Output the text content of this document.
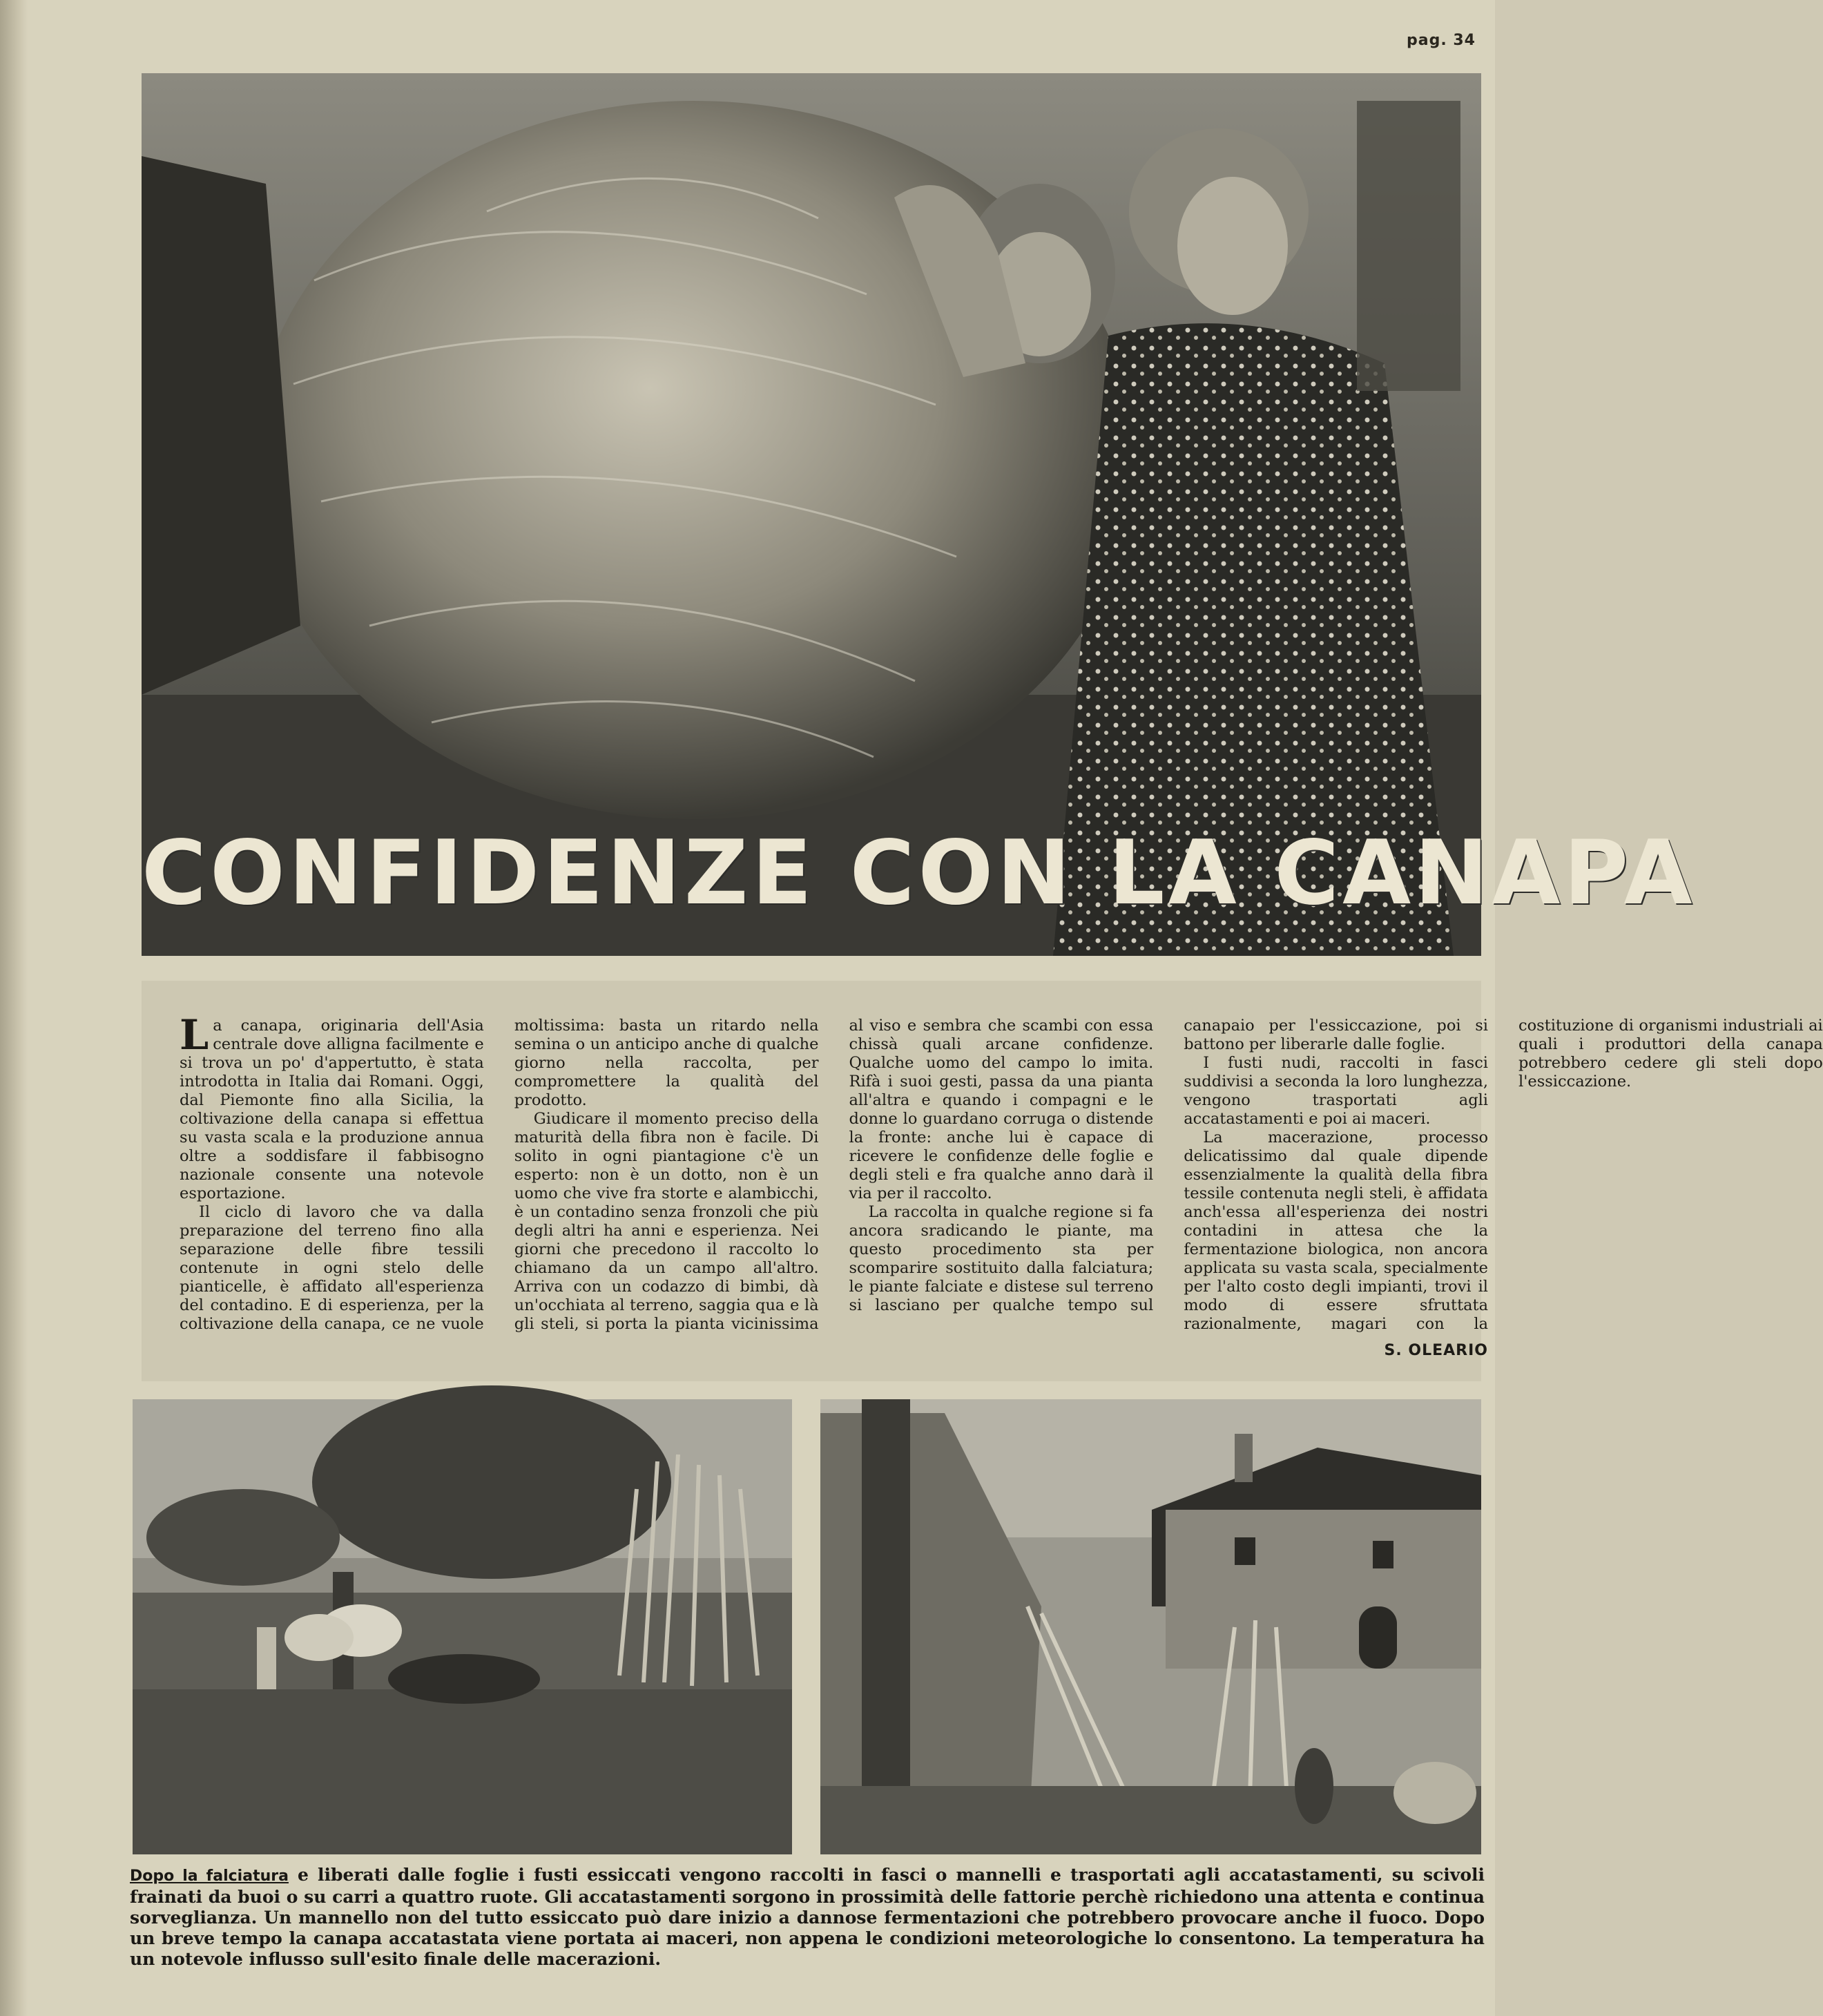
pag. 34
CONFIDENZE CON LA CANAPA

La canapa, originaria dell'Asia centrale dove alligna facilmente e si trova un po' d'appertutto, è stata introdotta in Italia dai Romani. Oggi, dal Piemonte fino alla Sicilia, la coltivazione della canapa si effettua su vasta scala e la produzione annua oltre a soddisfare il fabbisogno nazionale consente una notevole esportazione.

Il ciclo di lavoro che va dalla preparazione del terreno fino alla separazione delle fibre tessili contenute in ogni stelo delle pianticelle, è affidato all'esperienza del contadino. E di esperienza, per la coltivazione della canapa, ce ne vuole moltissima: basta un ritardo nella semina o un anticipo anche di qualche giorno nella raccolta, per compromettere la qualità del prodotto.

Giudicare il momento preciso della maturità della fibra non è facile. Di solito in ogni piantagione c'è un esperto: non è un dotto, non è un uomo che vive fra storte e alambicchi, è un contadino senza fronzoli che più degli altri ha anni e esperienza. Nei giorni che precedono il raccolto lo chiamano da un campo all'altro. Arriva con un codazzo di bimbi, dà un'occhiata al terreno, saggia qua e là gli steli, si porta la pianta vicinissima al viso e sembra che scambi con essa chissà quali arcane confidenze. Qualche uomo del campo lo imita. Rifà i suoi gesti, passa da una pianta all'altra e quando i compagni e le donne lo guardano corruga o distende la fronte: anche lui è capace di ricevere le confidenze delle foglie e degli steli e fra qualche anno darà il via per il raccolto.

La raccolta in qualche regione si fa ancora sradicando le piante, ma questo procedimento sta per scomparire sostituito dalla falciatura; le piante falciate e distese sul terreno si lasciano per qualche tempo sul canapaio per l'essiccazione, poi si battono per liberarle dalle foglie.

I fusti nudi, raccolti in fasci suddivisi a seconda la loro lunghezza, vengono trasportati agli accatastamenti e poi ai maceri.

La macerazione, processo delicatissimo dal quale dipende essenzialmente la qualità della fibra tessile contenuta negli steli, è affidata anch'essa all'esperienza dei nostri contadini in attesa che la fermentazione biologica, non ancora applicata su vasta scala, specialmente per l'alto costo degli impianti, trovi il modo di essere sfruttata razionalmente, magari con la costituzione di organismi industriali ai quali i produttori della canapa potrebbero cedere gli steli dopo l'essiccazione.

S. OLEARIO
Dopo la falciatura e liberati dalle foglie i fusti essiccati vengono raccolti in fasci o mannelli e trasportati agli accatastamenti, su scivoli frainati da buoi o su carri a quattro ruote. Gli accatastamenti sorgono in prossimità delle fattorie perchè richiedono una attenta e continua sorveglianza. Un mannello non del tutto essiccato può dare inizio a dannose fermentazioni che potrebbero provocare anche il fuoco. Dopo un breve tempo la canapa accatastata viene portata ai maceri, non appena le condizioni meteorologiche lo consentono. La temperatura ha un notevole influsso sull'esito finale delle macerazioni.
